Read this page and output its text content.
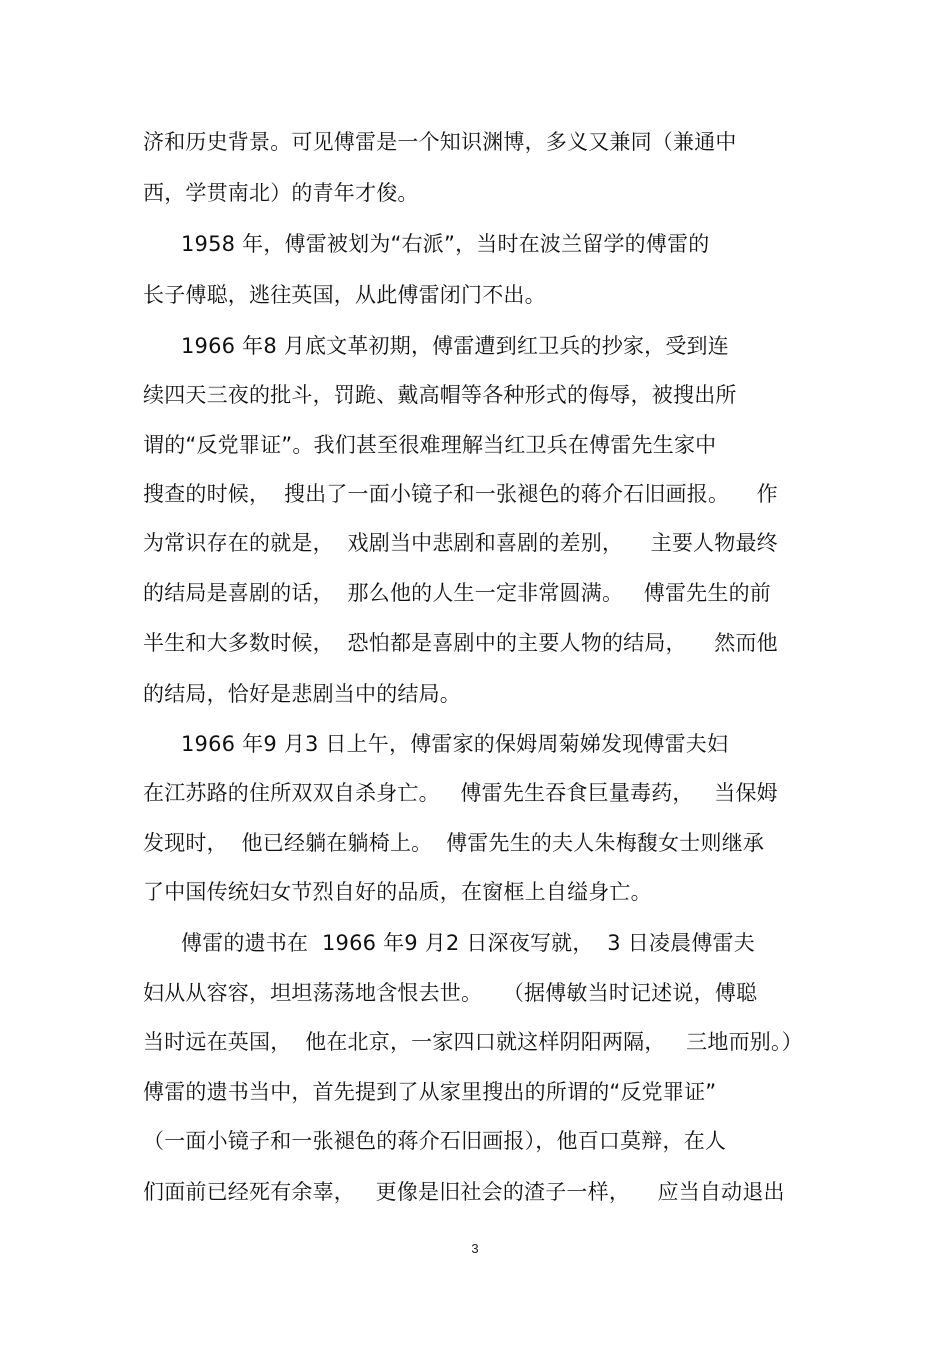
济和历史背景。可见傅雷是一个知识渊博，多义又兼同（兼通中
西，学贯南北）的青年才俊。
1958 年，傅雷被划为“右派”，当时在波兰留学的傅雷的
长子傅聪，逃往英国，从此傅雷闭门不出。
1966 年8 月底文革初期，傅雷遭到红卫兵的抄家，受到连
续四天三夜的批斗，罚跪、戴高帽等各种形式的侮辱，被搜出所
谓的“反党罪证”。我们甚至很难理解当红卫兵在傅雷先生家中
搜查的时候，  搜出了一面小镜子和一张褪色的蒋介石旧画报。    作
为常识存在的就是，  戏剧当中悲剧和喜剧的差别，    主要人物最终
的结局是喜剧的话，  那么他的人生一定非常圆满。   傅雷先生的前
半生和大多数时候，  恐怕都是喜剧中的主要人物的结局，    然而他
的结局，恰好是悲剧当中的结局。
1966 年9 月3 日上午，傅雷家的保姆周菊娣发现傅雷夫妇
在江苏路的住所双双自杀身亡。   傅雷先生吞食巨量毒药，   当保姆
发现时，  他已经躺在躺椅上。  傅雷先生的夫人朱梅馥女士则继承
了中国传统妇女节烈自好的品质，在窗框上自缢身亡。
傅雷的遗书在  1966 年9 月2 日深夜写就，  3 日凌晨傅雷夫
妇从从容容，坦坦荡荡地含恨去世。   （据傅敏当时记述说，傅聪
当时远在英国，  他在北京，一家四口就这样阴阳两隔，   三地而别。）
傅雷的遗书当中，首先提到了从家里搜出的所谓的“反党罪证”
（一面小镜子和一张褪色的蒋介石旧画报），他百口莫辩，在人
们面前已经死有余辜，   更像是旧社会的渣子一样，    应当自动退出
3
